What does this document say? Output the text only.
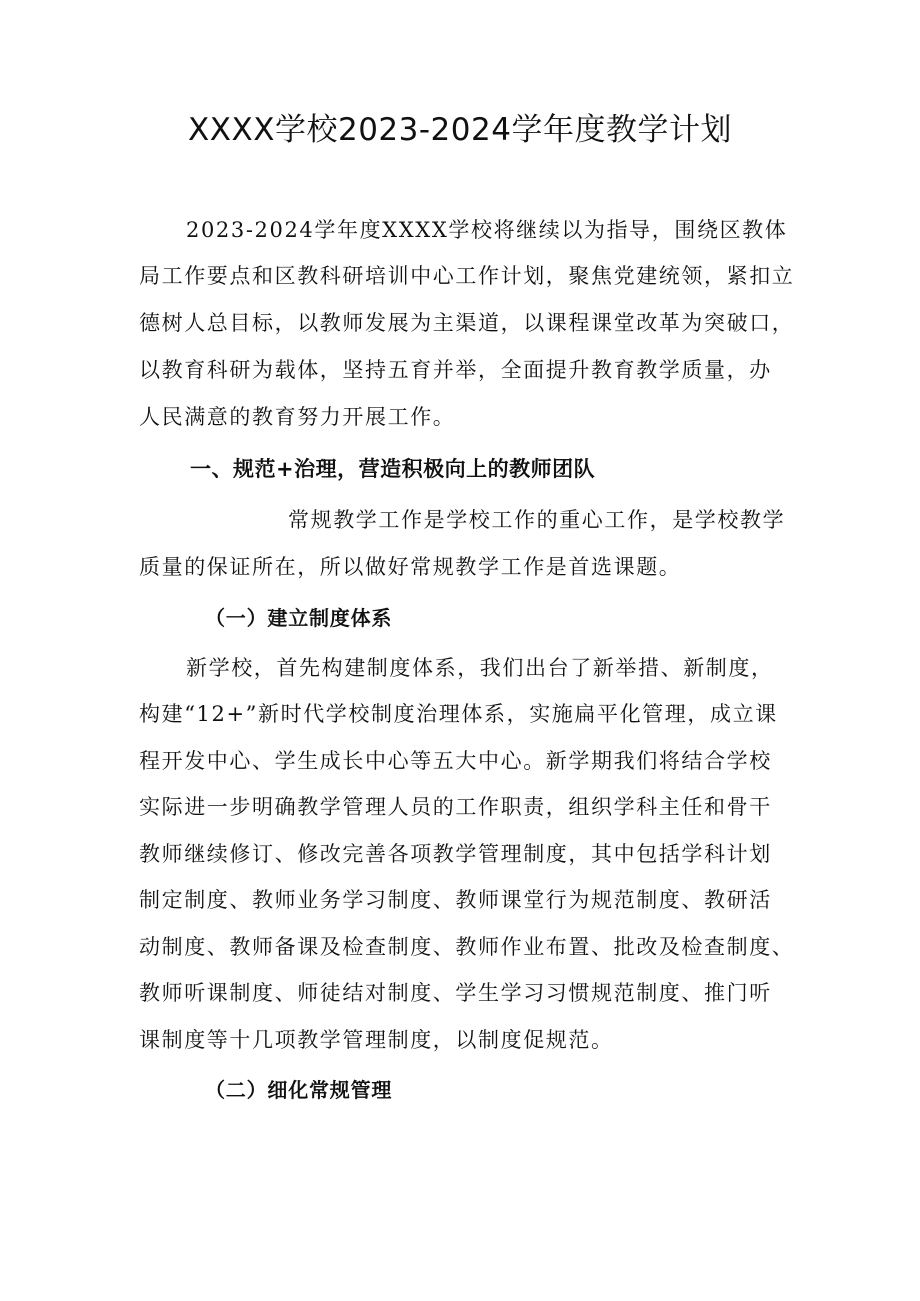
XXXX学校2023-2024学年度教学计划
2023-2024学年度XXXX学校将继续以为指导，围绕区教体
局工作要点和区教科研培训中心工作计划，聚焦党建统领，紧扣立
德树人总目标，以教师发展为主渠道，以课程课堂改革为突破口，
以教育科研为载体，坚持五育并举，全面提升教育教学质量，办
人民满意的教育努力开展工作。
一、规范+治理，营造积极向上的教师团队
常规教学工作是学校工作的重心工作，是学校教学
质量的保证所在，所以做好常规教学工作是首选课题。
（一）建立制度体系
新学校，首先构建制度体系，我们出台了新举措、新制度，
构建“12+”新时代学校制度治理体系，实施扁平化管理，成立课
程开发中心、学生成长中心等五大中心。新学期我们将结合学校
实际进一步明确教学管理人员的工作职责，组织学科主任和骨干
教师继续修订、修改完善各项教学管理制度，其中包括学科计划
制定制度、教师业务学习制度、教师课堂行为规范制度、教研活
动制度、教师备课及检查制度、教师作业布置、批改及检查制度、
教师听课制度、师徒结对制度、学生学习习惯规范制度、推门听
课制度等十几项教学管理制度，以制度促规范。
（二）细化常规管理
